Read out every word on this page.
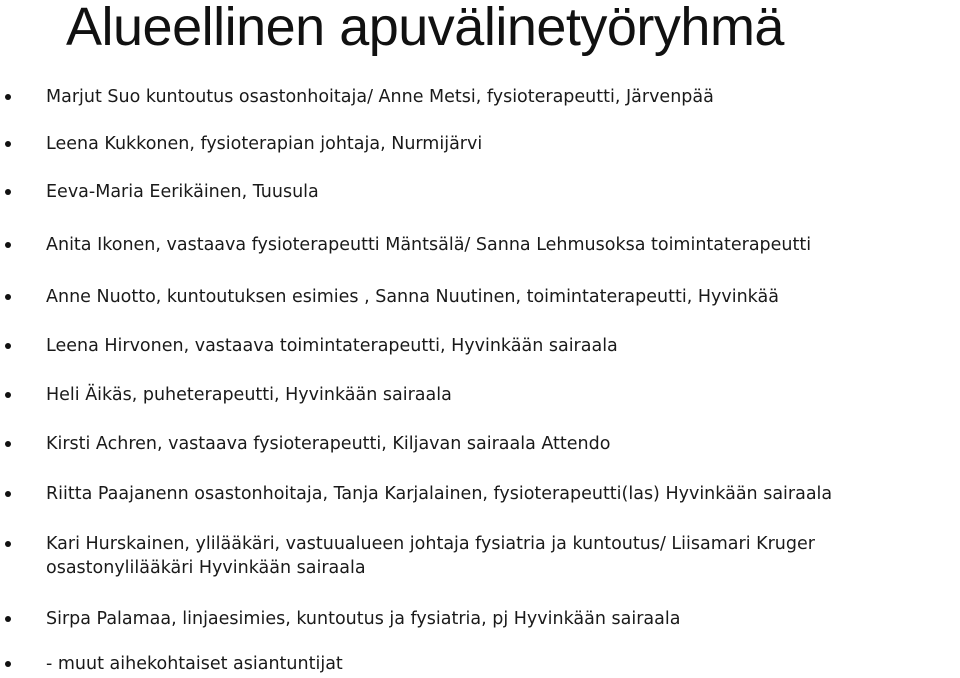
Alueellinen apuvälinetyöryhmä
Marjut Suo kuntoutus osastonhoitaja/ Anne Metsi, fysioterapeutti, Järvenpää
Leena Kukkonen, fysioterapian johtaja, Nurmijärvi
Eeva-Maria Eerikäinen, Tuusula
Anita Ikonen, vastaava fysioterapeutti Mäntsälä/ Sanna Lehmusoksa toimintaterapeutti
Anne Nuotto, kuntoutuksen esimies , Sanna Nuutinen, toimintaterapeutti, Hyvinkää
Leena Hirvonen, vastaava toimintaterapeutti, Hyvinkään sairaala
Heli Äikäs, puheterapeutti, Hyvinkään sairaala
Kirsti Achren, vastaava fysioterapeutti, Kiljavan sairaala Attendo
Riitta Paajanenn osastonhoitaja, Tanja Karjalainen, fysioterapeutti(las) Hyvinkään sairaala
Kari Hurskainen, ylilääkäri, vastuualueen johtaja fysiatria ja kuntoutus/ Liisamari Kruger osastonylilääkäri Hyvinkään sairaala
Sirpa Palamaa, linjaesimies, kuntoutus ja fysiatria, pj Hyvinkään sairaala
- muut aihekohtaiset asiantuntijat
